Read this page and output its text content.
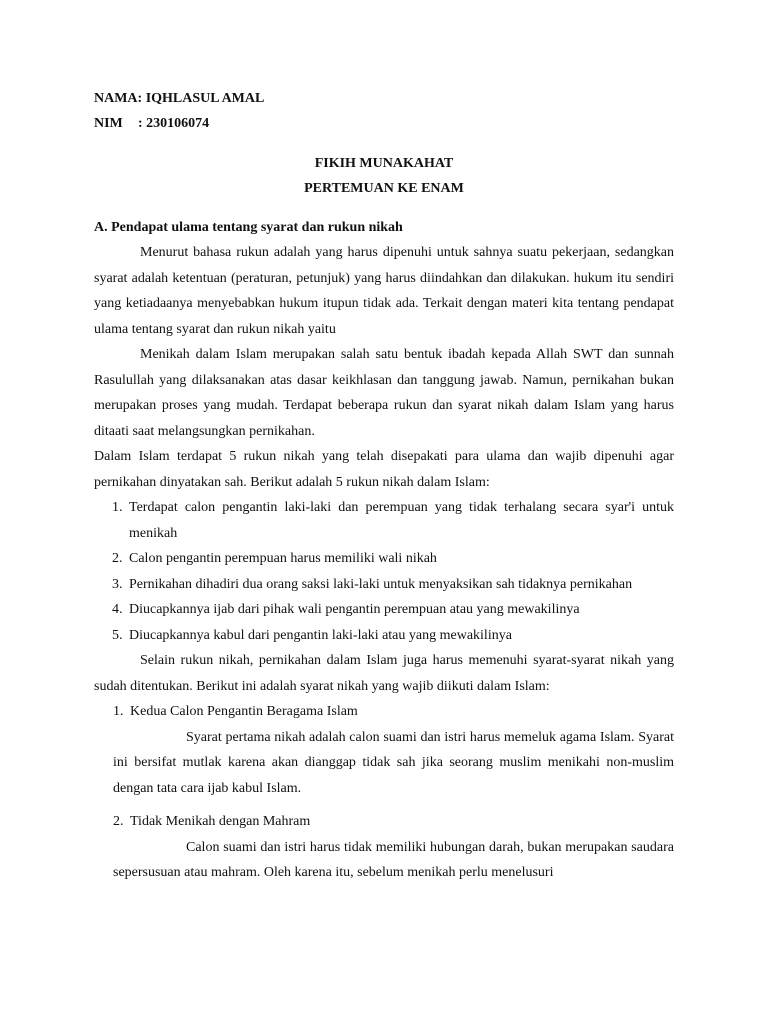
NAMA: IQHLASUL AMAL
NIM : 230106074
FIKIH MUNAKAHAT
PERTEMUAN KE ENAM
A. Pendapat ulama tentang syarat dan rukun nikah

Menurut bahasa rukun adalah yang harus dipenuhi untuk sahnya suatu pekerjaan, sedangkan syarat adalah ketentuan (peraturan, petunjuk) yang harus diindahkan dan dilakukan. hukum itu sendiri yang ketiadaanya menyebabkan hukum itupun tidak ada. Terkait dengan materi kita tentang pendapat ulama tentang syarat dan rukun nikah yaitu

Menikah dalam Islam merupakan salah satu bentuk ibadah kepada Allah SWT dan sunnah Rasulullah yang dilaksanakan atas dasar keikhlasan dan tanggung jawab. Namun, pernikahan bukan merupakan proses yang mudah. Terdapat beberapa rukun dan syarat nikah dalam Islam yang harus ditaati saat melangsungkan pernikahan.

Dalam Islam terdapat 5 rukun nikah yang telah disepakati para ulama dan wajib dipenuhi agar pernikahan dinyatakan sah. Berikut adalah 5 rukun nikah dalam Islam:

1. Terdapat calon pengantin laki-laki dan perempuan yang tidak terhalang secara syar'i untuk menikah
2. Calon pengantin perempuan harus memiliki wali nikah
3. Pernikahan dihadiri dua orang saksi laki-laki untuk menyaksikan sah tidaknya pernikahan
4. Diucapkannya ijab dari pihak wali pengantin perempuan atau yang mewakilinya
5. Diucapkannya kabul dari pengantin laki-laki atau yang mewakilinya

Selain rukun nikah, pernikahan dalam Islam juga harus memenuhi syarat-syarat nikah yang sudah ditentukan. Berikut ini adalah syarat nikah yang wajib diikuti dalam Islam:

1. Kedua Calon Pengantin Beragama Islam

Syarat pertama nikah adalah calon suami dan istri harus memeluk agama Islam. Syarat ini bersifat mutlak karena akan dianggap tidak sah jika seorang muslim menikahi non-muslim dengan tata cara ijab kabul Islam.

2. Tidak Menikah dengan Mahram

Calon suami dan istri harus tidak memiliki hubungan darah, bukan merupakan saudara sepersusuan atau mahram. Oleh karena itu, sebelum menikah perlu menelusuri
